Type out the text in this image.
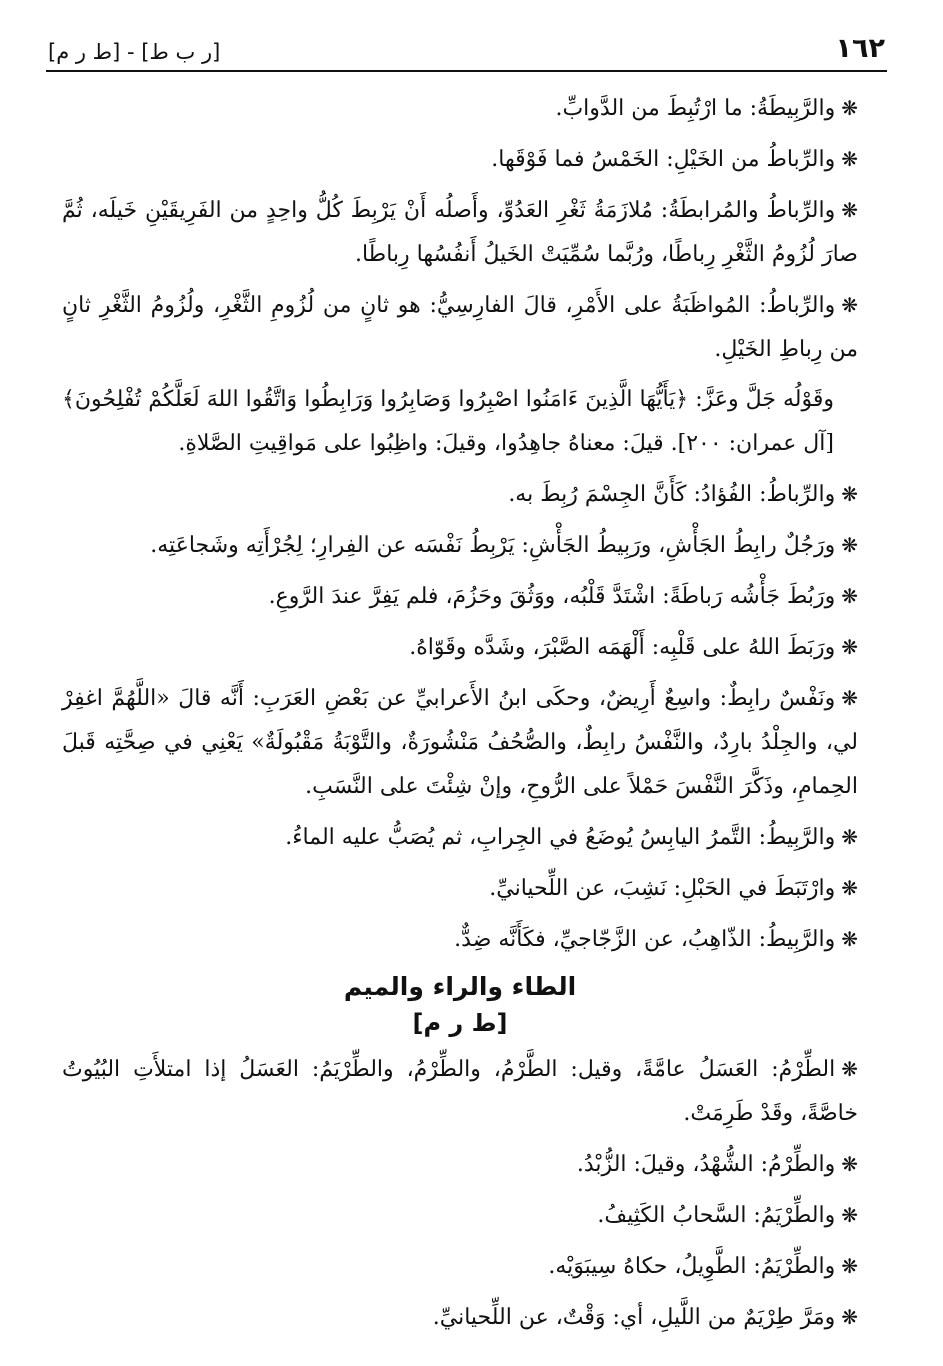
[ر ب ط] - [ط ر م]	١٦٢

❋والرَّبِيطَةُ: ما ارْتُبِطَ من الدَّوابِّ.

❋والرِّباطُ من الخَيْلِ: الخَمْسُ فما فَوْقَها.

❋والرِّباطُ والمُرابطَةُ: مُلازَمَةُ ثَغْرِ العَدُوِّ، وأَصلُه أَنْ يَرْبِطَ كُلُّ واحِدٍ من الفَرِيقَيْنِ خَيلَه، ثُمَّ صارَ لُزُومُ الثَّغْرِ رِباطًا، ورُبَّما سُمِّيَتْ الخَيلُ أَنفُسُها رِباطًا.

❋والرِّباطُ: المُواظَبَةُ على الأَمْرِ، قالَ الفارِسِيُّ: هو ثانٍ من لُزُومِ الثَّغْرِ، ولُزُومُ الثَّغْرِ ثانٍ من رِباطِ الخَيْلِ.

وقَوْلُه جَلَّ وعَزَّ: ﴿يَأَيُّهَا الَّذِينَ ءَامَنُوا اصْبِرُوا وَصَابِرُوا وَرَابِطُوا وَاتَّقُوا اللهَ لَعَلَّكُمْ تُفْلِحُونَ﴾ [آل عمران: ٢٠٠]. قيلَ: معناهُ جاهِدُوا، وقيلَ: واظِبُوا على مَواقِيتِ الصَّلاةِ.

❋والرِّباطُ: الفُؤادُ: كَأَنَّ الجِسْمَ رُبِطَ به.

❋ورَجُلٌ رابِطُ الجَأْشِ، ورَبِيطُ الجَأْشِ: يَرْبِطُ نَفْسَه عن الفِرارِ؛ لِجُرْأَتِه وشَجاعَتِه.

❋ورَبُطَ جَأْشُه رَباطَةً: اشْتَدَّ قَلْبُه، ووَثُقَ وحَزُمَ، فلم يَفِرَّ عندَ الرَّوعِ.

❋ورَبَطَ اللهُ على قَلْبِه: أَلْهَمَه الصَّبْرَ، وشَدَّه وقَوّاهُ.

❋ونَفْسٌ رابِطٌ: واسِعٌ أَرِيضٌ، وحكَى ابنُ الأَعرابيِّ عن بَعْضِ العَرَبِ: أَنَّه قالَ «اللَّهُمَّ اغفِرْ لي، والجِلْدُ بارِدٌ، والنَّفْسُ رابِطٌ، والصُّحُفُ مَنْشُورَةٌ، والتَّوْبَةُ مَقْبُولَةٌ» يَعْنِي في صِحَّتِه قَبلَ الحِمامِ، وذَكَّرَ النَّفْسَ حَمْلاً على الرُّوحِ، وإنْ شِئْتَ على النَّسَبِ.

❋والرَّبِيطُ: التَّمرُ اليابِسُ يُوضَعُ في الجِرابِ، ثم يُصَبُّ عليه الماءُ.

❋وارْتَبَطَ في الحَبْلِ: نَشِبَ، عن اللِّحيانيِّ.

❋والرَّبِيطُ: الذّاهِبُ، عن الزَّجّاجيِّ، فكَأَنَّه ضِدٌّ.

الطاء والراء والميم
[ط ر م]

❋الطِّرْمُ: العَسَلُ عامَّةً، وقيل: الطَّرْمُ، والطِّرْمُ، والطِّرْيَمُ: العَسَلُ إذا امتلأَتِ البُيُوتُ خاصَّةً، وقَدْ طَرِمَتْ.

❋والطِّرْمُ: الشُّهْدُ، وقيلَ: الزُّبْدُ.

❋والطِّرْيَمُ: السَّحابُ الكَثِيفُ.

❋والطِّرْيَمُ: الطَّوِيلُ، حكاهُ سِيبَوَيْه.

❋ومَرَّ طِرْيَمٌ من اللَّيلِ، أي: وَقْتٌ، عن اللِّحيانيِّ.
